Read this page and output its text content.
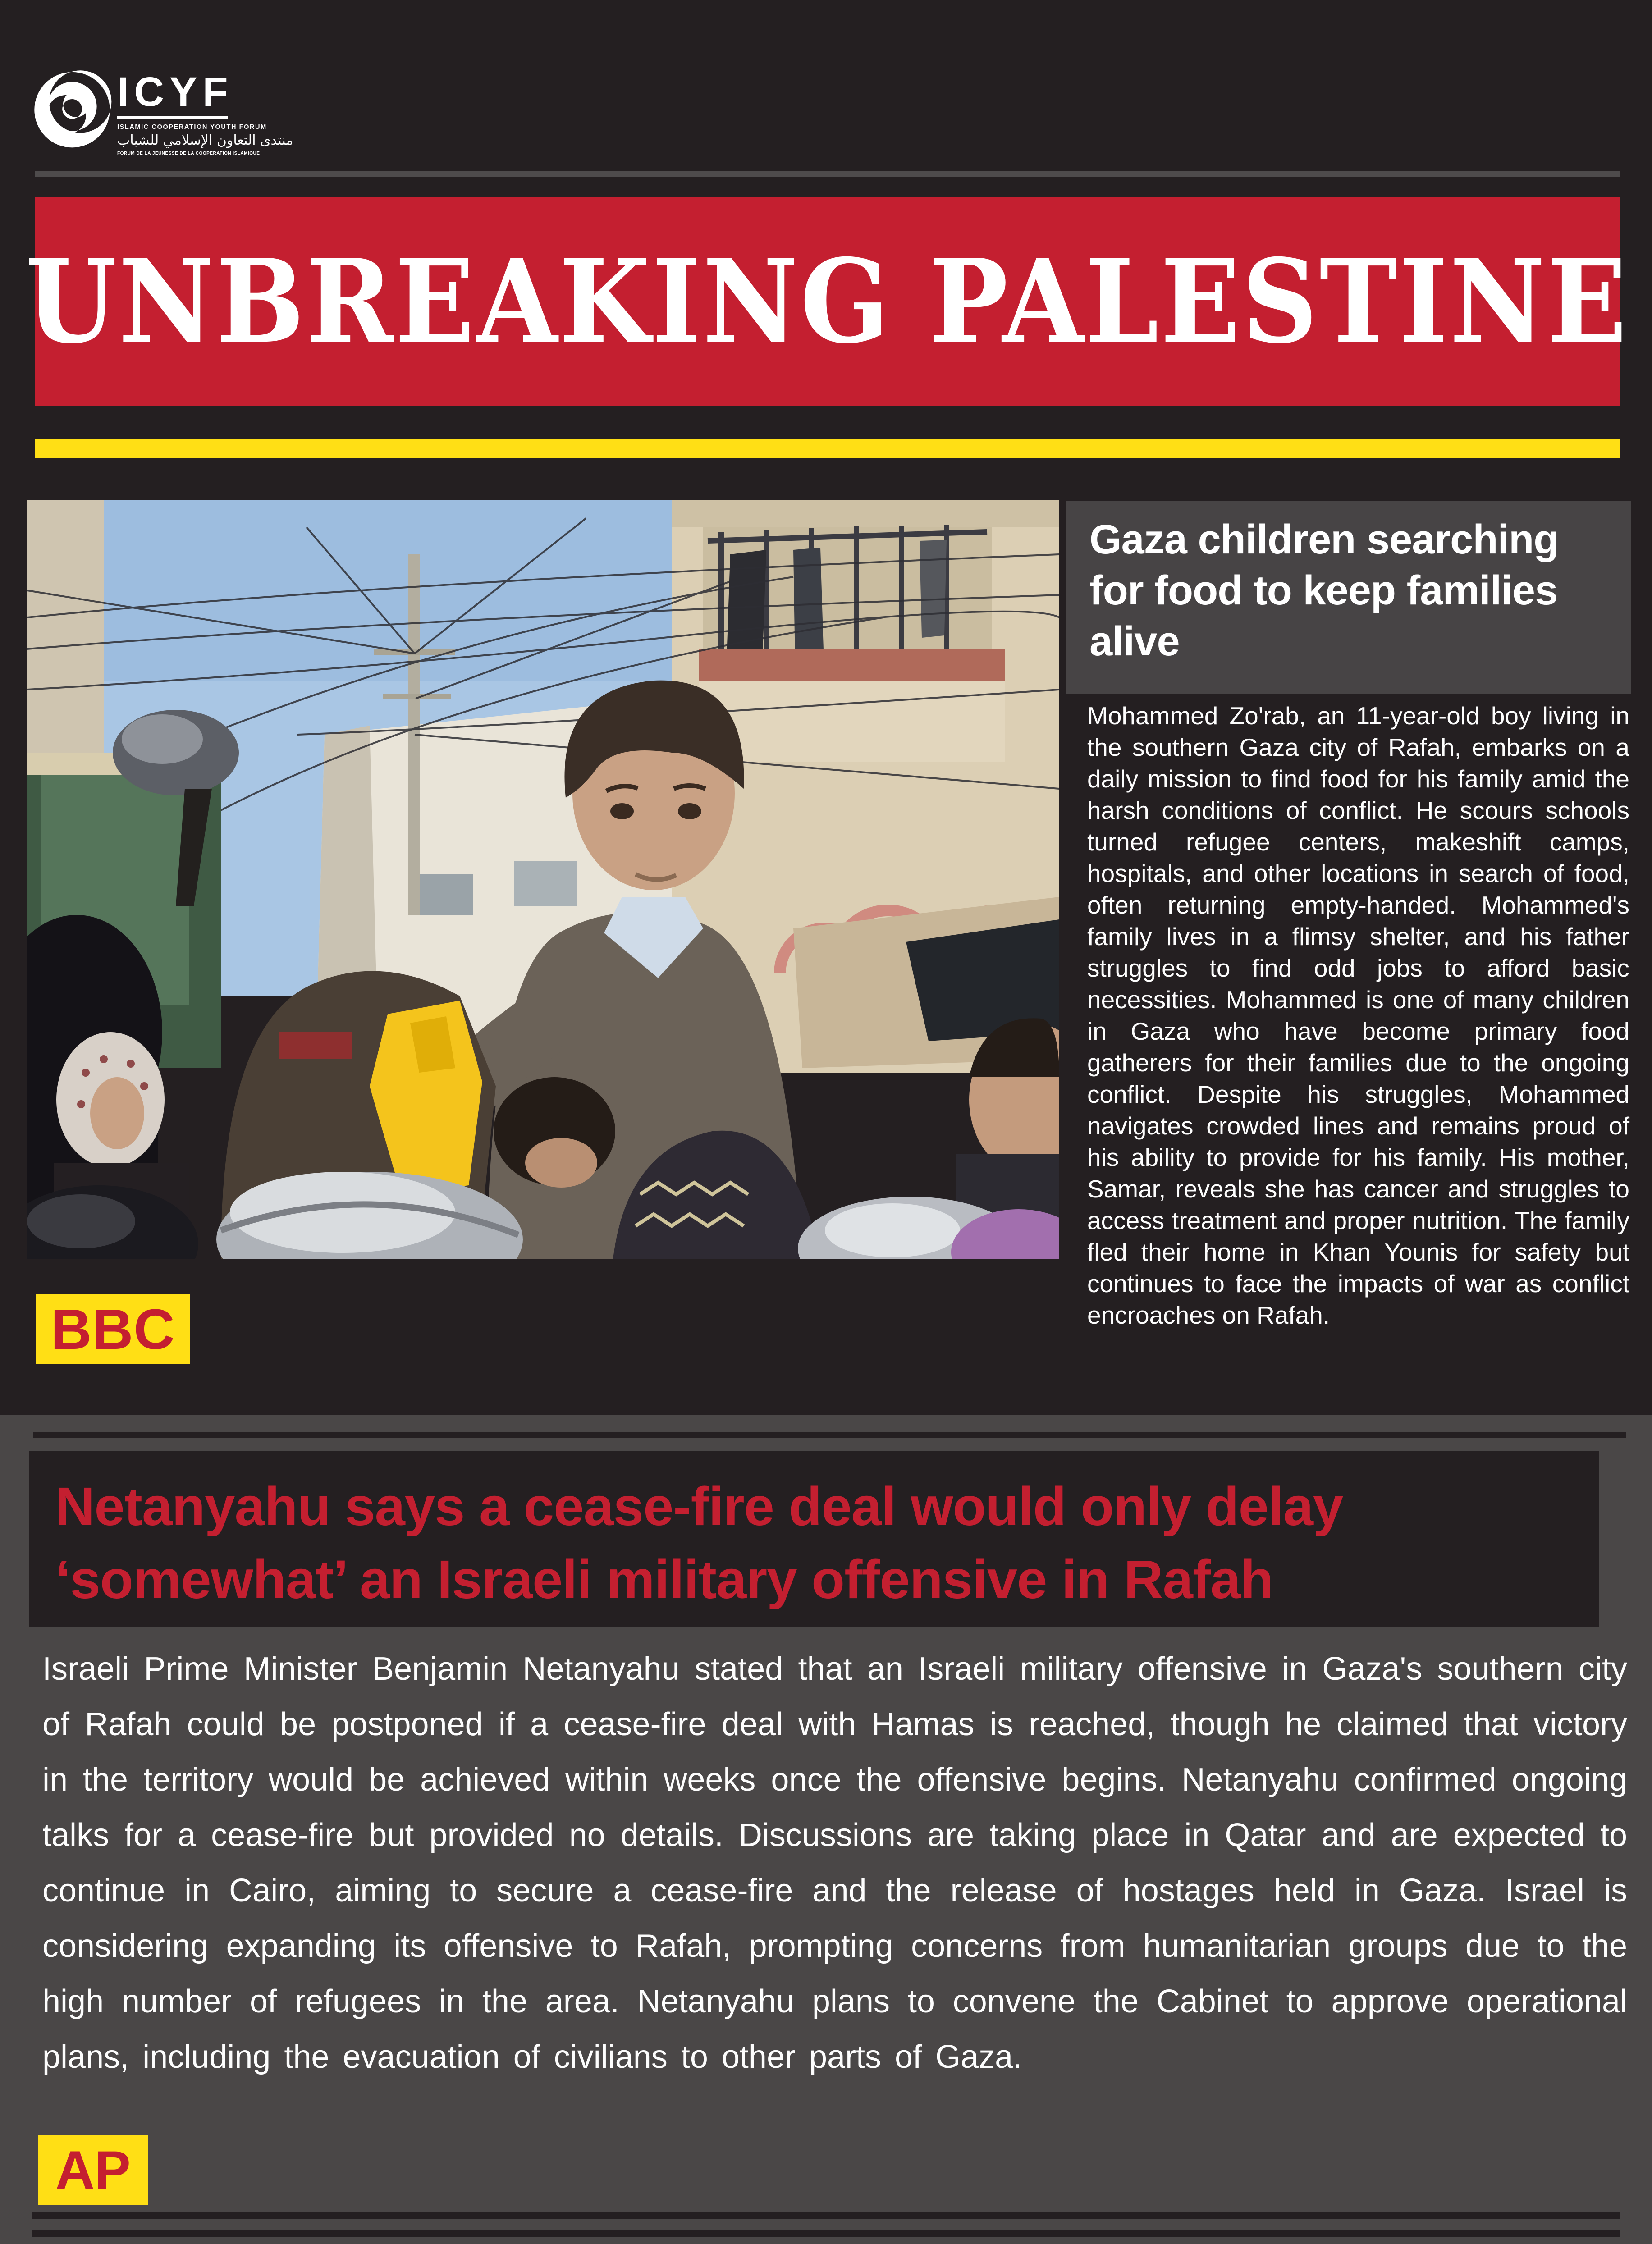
ICYF
ISLAMIC COOPERATION YOUTH FORUM
منتدى التعاون الإسلامي للشباب
FORUM DE LA JEUNESSE DE LA COOPÉRATION ISLAMIQUE
UNBREAKING PALESTINE
Gaza children searching for food to keep families alive
Mohammed Zo'rab, an 11-year-old boy living in the southern Gaza city of Rafah, embarks on a daily mission to find food for his family amid the harsh conditions of conflict. He scours schools turned refugee centers, makeshift camps, hospitals, and other locations in search of food, often returning empty-handed. Mohammed's family lives in a flimsy shelter, and his father struggles to find odd jobs to afford basic necessities. Mohammed is one of many children in Gaza who have become primary food gatherers for their families due to the ongoing conflict. Despite his struggles, Mohammed navigates crowded lines and remains proud of his ability to provide for his family. His mother, Samar, reveals she has cancer and struggles to access treatment and proper nutrition. The family fled their home in Khan Younis for safety but continues to face the impacts of war as conflict encroaches on Rafah.
BBC
Netanyahu says a cease-fire deal would only delay ‘somewhat’ an Israeli military offensive in Rafah
Israeli Prime Minister Benjamin Netanyahu stated that an Israeli military offensive in Gaza's southern city of Rafah could be postponed if a cease-fire deal with Hamas is reached, though he claimed that victory in the territory would be achieved within weeks once the offensive begins. Netanyahu confirmed ongoing talks for a cease-fire but provided no details. Discussions are taking place in Qatar and are expected to continue in Cairo, aiming to secure a cease-fire and the release of hostages held in Gaza. Israel is considering expanding its offensive to Rafah, prompting concerns from humanitarian groups due to the high number of refugees in the area. Netanyahu plans to convene the Cabinet to approve operational plans, including the evacuation of civilians to other parts of Gaza.
AP
